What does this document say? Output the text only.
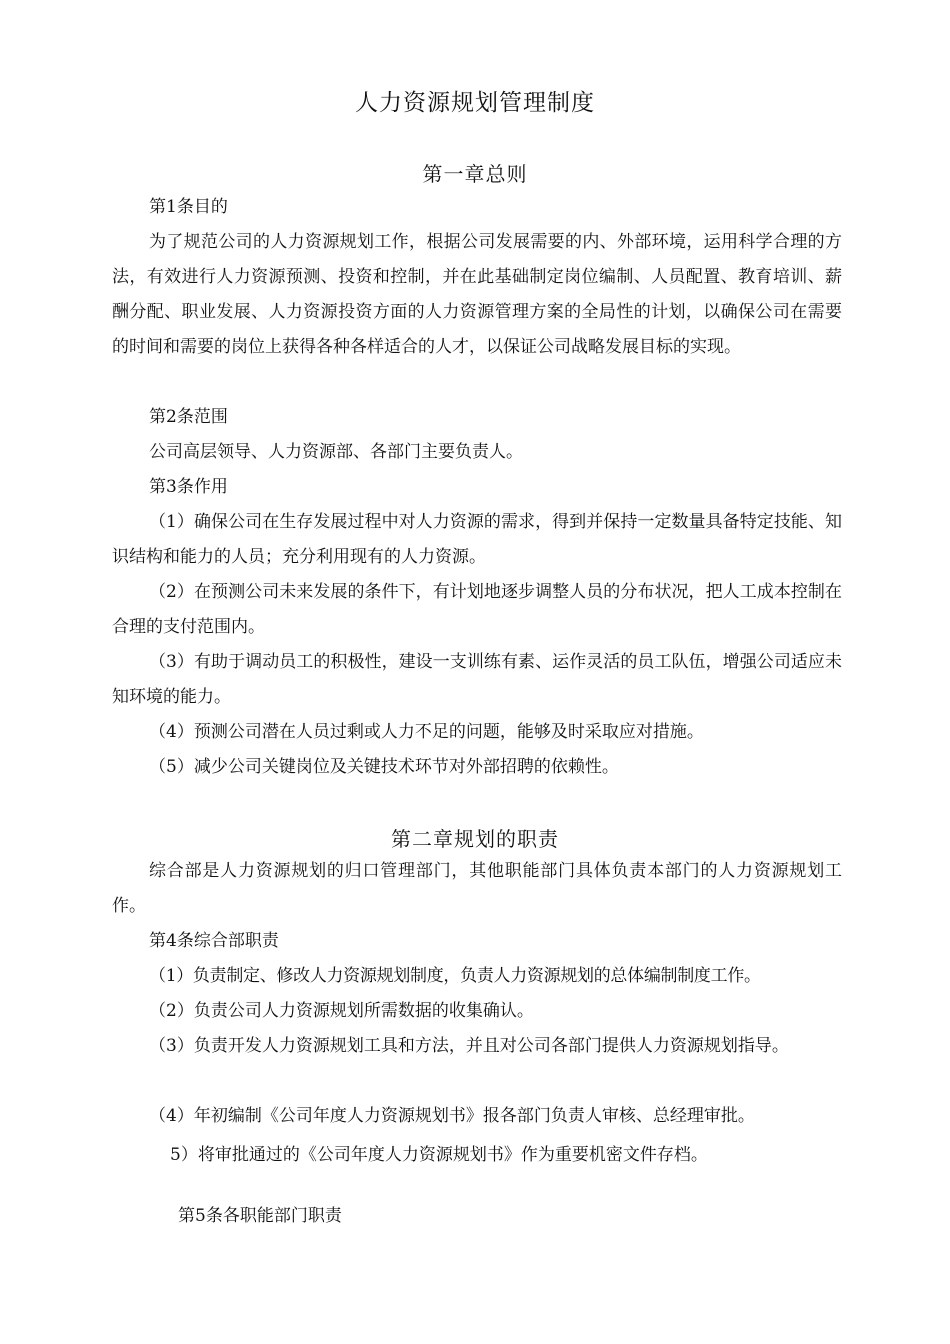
人力资源规划管理制度
第一章总则
第1条目的

为了规范公司的人力资源规划工作，根据公司发展需要的内、外部环境，运用科学合理的方法，有效进行人力资源预测、投资和控制，并在此基础制定岗位编制、人员配置、教育培训、薪酬分配、职业发展、人力资源投资方面的人力资源管理方案的全局性的计划，以确保公司在需要的时间和需要的岗位上获得各种各样适合的人才，以保证公司战略发展目标的实现。

第2条范围
公司高层领导、人力资源部、各部门主要负责人。
第3条作用

（1）确保公司在生存发展过程中对人力资源的需求，得到并保持一定数量具备特定技能、知识结构和能力的人员；充分利用现有的人力资源。

（2）在预测公司未来发展的条件下，有计划地逐步调整人员的分布状况，把人工成本控制在合理的支付范围内。

（3）有助于调动员工的积极性，建设一支训练有素、运作灵活的员工队伍，增强公司适应未知环境的能力。

（4）预测公司潜在人员过剩或人力不足的问题，能够及时采取应对措施。
（5）减少公司关键岗位及关键技术环节对外部招聘的依赖性。
第二章规划的职责

综合部是人力资源规划的归口管理部门，其他职能部门具体负责本部门的人力资源规划工作。

第4条综合部职责
（1）负责制定、修改人力资源规划制度，负责人力资源规划的总体编制制度工作。
（2）负责公司人力资源规划所需数据的收集确认。

（3）负责开发人力资源规划工具和方法，并且对公司各部门提供人力资源规划指导。

（4）年初编制《公司年度人力资源规划书》报各部门负责人审核、总经理审批。
5）将审批通过的《公司年度人力资源规划书》作为重要机密文件存档。
第5条各职能部门职责
